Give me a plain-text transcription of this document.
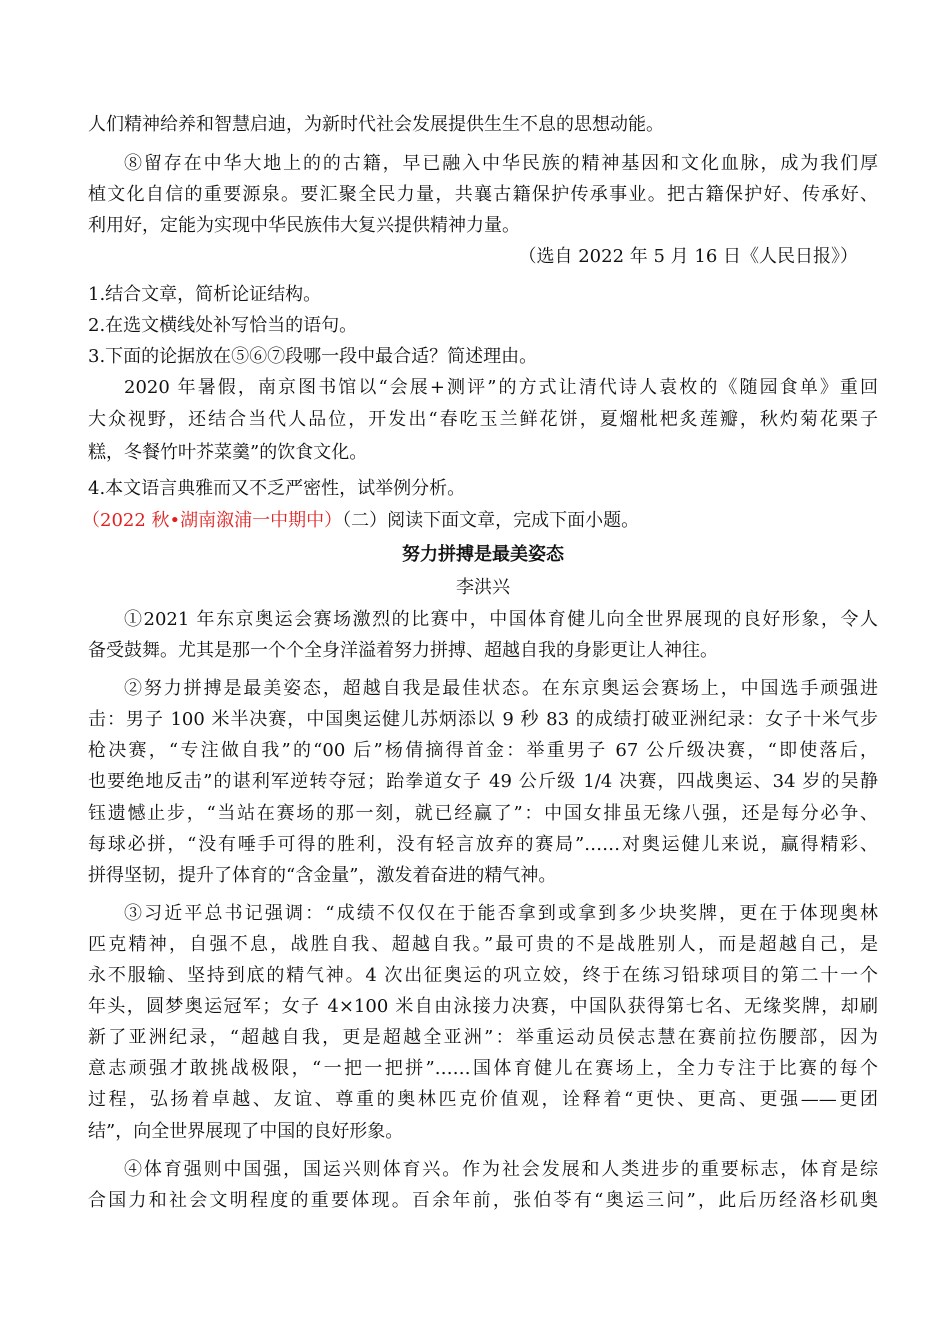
人们精神给养和智慧启迪，为新时代社会发展提供生生不息的思想动能。
⑧留存在中华大地上的的古籍，早已融入中华民族的精神基因和文化血脉，成为我们厚
植文化自信的重要源泉。要汇聚全民力量，共襄古籍保护传承事业。把古籍保护好、传承好、
利用好，定能为实现中华民族伟大复兴提供精神力量。
（选自 2022 年 5 月 16 日《人民日报》）
1.结合文章，简析论证结构。
2.在选文横线处补写恰当的语句。
3.下面的论据放在⑤⑥⑦段哪一段中最合适？简述理由。
2020 年暑假，南京图书馆以“会展+测评”的方式让清代诗人袁枚的《随园食单》重回
大众视野，还结合当代人品位，开发出“春吃玉兰鲜花饼，夏熘枇杷炙莲瓣，秋灼菊花栗子
糕，冬餐竹叶芥菜羹”的饮食文化。
4.本文语言典雅而又不乏严密性，试举例分析。
（2022 秋•湖南溆浦一中期中）（二）阅读下面文章，完成下面小题。
努力拼搏是最美姿态
李洪兴
①2021 年东京奥运会赛场激烈的比赛中，中国体育健儿向全世界展现的良好形象，令人
备受鼓舞。尤其是那一个个全身洋溢着努力拼搏、超越自我的身影更让人神往。
②努力拼搏是最美姿态，超越自我是最佳状态。在东京奥运会赛场上，中国选手顽强进
击：男子 100 米半决赛，中国奥运健儿苏炳添以 9 秒 83 的成绩打破亚洲纪录：女子十米气步
枪决赛，“专注做自我”的“00 后”杨倩摘得首金：举重男子 67 公斤级决赛，“即使落后，
也要绝地反击”的谌利军逆转夺冠；跆拳道女子 49 公斤级 1/4 决赛，四战奥运、34 岁的吴静
钰遗憾止步，“当站在赛场的那一刻，就已经赢了”：中国女排虽无缘八强，还是每分必争、
每球必拼，“没有唾手可得的胜利，没有轻言放弃的赛局”……对奥运健儿来说，赢得精彩、
拼得坚韧，提升了体育的“含金量”，激发着奋进的精气神。
③习近平总书记强调：“成绩不仅仅在于能否拿到或拿到多少块奖牌，更在于体现奥林
匹克精神，自强不息，战胜自我、超越自我。”最可贵的不是战胜别人，而是超越自己，是
永不服输、坚持到底的精气神。4 次出征奥运的巩立姣，终于在练习铅球项目的第二十一个
年头，圆梦奥运冠军；女子 4×100 米自由泳接力决赛，中国队获得第七名、无缘奖牌，却刷
新了亚洲纪录，“超越自我，更是超越全亚洲”：举重运动员侯志慧在赛前拉伤腰部，因为
意志顽强才敢挑战极限，“一把一把拼”……国体育健儿在赛场上，全力专注于比赛的每个
过程，弘扬着卓越、友谊、尊重的奥林匹克价值观，诠释着“更快、更高、更强——更团
结”，向全世界展现了中国的良好形象。
④体育强则中国强，国运兴则体育兴。作为社会发展和人类进步的重要标志，体育是综
合国力和社会文明程度的重要体现。百余年前，张伯苓有“奥运三问”，此后历经洛杉矶奥
